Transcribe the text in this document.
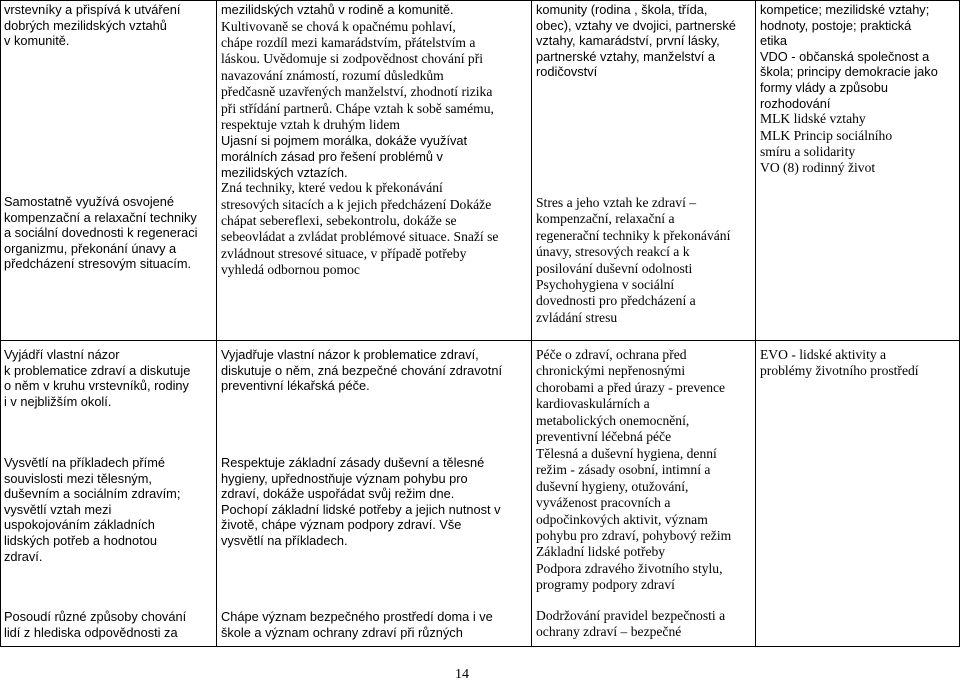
vrstevníky a přispívá k utváření
dobrých mezilidských vztahů
v komunitě.
Samostatně využívá osvojené
kompenzační a relaxační techniky
a sociální dovednosti k regeneraci
organizmu, překonání únavy a
předcházení stresovým situacím.
mezilidských vztahů v rodině a komunitě.
Kultivovaně se chová k opačnému pohlaví,
chápe rozdíl mezi kamarádstvím, přátelstvím a
láskou. Uvědomuje si zodpovědnost chování při
navazování známostí, rozumí důsledkům
předčasně uzavřených manželství, zhodnotí rizika
při střídání partnerů. Chápe vztah k sobě samému,
respektuje vztah k druhým lidem
Ujasní si pojmem morálka, dokáže využívat
morálních zásad pro řešení problémů v
mezilidských vztazích.
Zná techniky, které vedou k překonávání
stresových sitacích a k jejich předcházení Dokáže
chápat sebereflexi, sebekontrolu, dokáže se
sebeovládat a zvládat problémové situace. Snaží se
zvládnout stresové situace, v případě potřeby
vyhledá odbornou pomoc
komunity (rodina , škola, třída,
obec), vztahy ve dvojici, partnerské
vztahy, kamarádství, první lásky,
partnerské vztahy, manželství a
rodičovství
Stres a jeho vztah ke zdraví –
kompenzační, relaxační a
regenerační techniky k překonávání
únavy, stresových reakcí a k
posilování duševní odolnosti
Psychohygiena v sociální
dovednosti pro předcházení a
zvládání stresu
kompetice; mezilidské vztahy;
hodnoty, postoje; praktická
etika
VDO - občanská společnost a
škola; principy demokracie jako
formy vlády a způsobu
rozhodování
MLK lidské vztahy
MLK Princip sociálního
smíru a solidarity
VO (8) rodinný život
Vyjádří vlastní názor
k problematice zdraví a diskutuje
o něm v kruhu vrstevníků, rodiny
i v nejbližším okolí.
Vysvětlí na příkladech přímé
souvislosti mezi tělesným,
duševním a sociálním zdravím;
vysvětlí vztah mezi
uspokojováním základních
lidských potřeb a hodnotou
zdraví.
Posoudí různé způsoby chování
lidí z hlediska odpovědnosti za
Vyjadřuje vlastní názor k problematice zdraví,
diskutuje o něm, zná bezpečné chování zdravotní
preventivní lékařská péče.
Respektuje základní zásady duševní a tělesné
hygieny, upřednostňuje význam pohybu pro
zdraví, dokáže uspořádat svůj režim dne.
Pochopí základní lidské potřeby a jejich nutnost v
životě, chápe význam podpory zdraví. Vše
vysvětlí na příkladech.
Chápe význam bezpečného prostředí doma i ve
škole a význam ochrany zdraví při různých
Péče o zdraví, ochrana před
chronickými nepřenosnými
chorobami a před úrazy - prevence
kardiovaskulárních a
metabolických onemocnění,
preventivní léčebná péče
Tělesná a duševní hygiena, denní
režim - zásady osobní, intimní a
duševní hygieny, otužování,
vyváženost pracovních a
odpočinkových aktivit, význam
pohybu pro zdraví, pohybový režim
Základní lidské potřeby
Podpora zdravého životního stylu,
programy podpory zdraví
Dodržování pravidel bezpečnosti a
ochrany zdraví – bezpečné
EVO - lidské aktivity a
problémy životního prostředí
14
